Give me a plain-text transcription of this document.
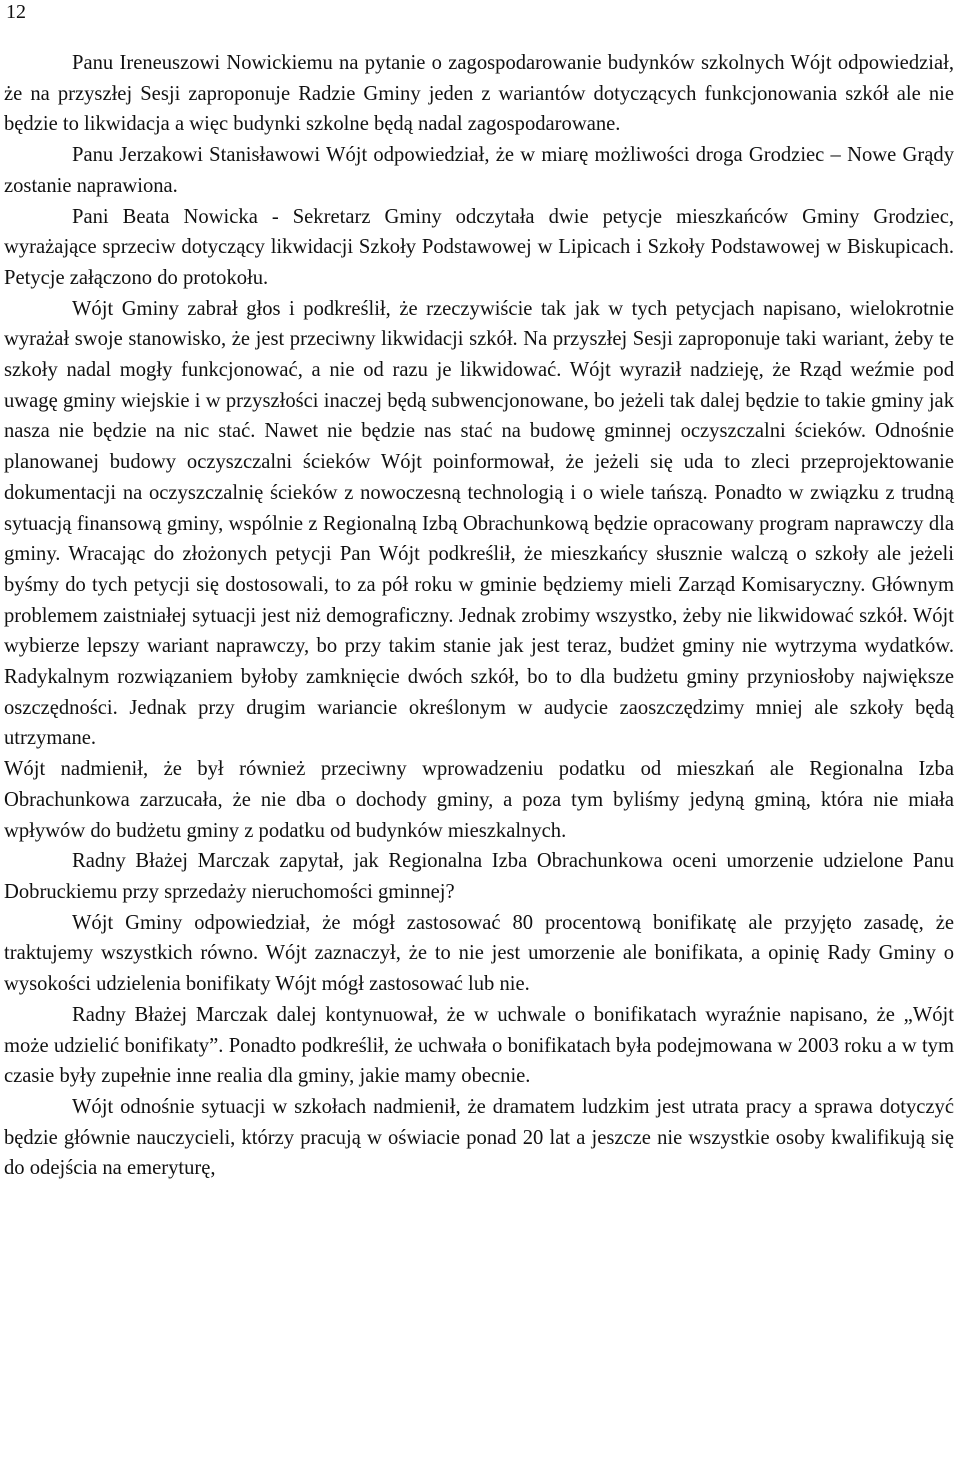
12

Panu Ireneuszowi Nowickiemu na pytanie o zagospodarowanie budynków szkolnych Wójt odpowiedział, że na przyszłej Sesji zaproponuje Radzie Gminy jeden z wariantów dotyczących funkcjonowania szkół ale nie będzie to likwidacja a więc budynki szkolne będą nadal zagospodarowane.

Panu Jerzakowi Stanisławowi Wójt odpowiedział, że w miarę możliwości droga Grodziec – Nowe Grądy zostanie naprawiona.

Pani Beata Nowicka - Sekretarz Gminy odczytała dwie petycje mieszkańców Gminy Grodziec, wyrażające sprzeciw dotyczący likwidacji Szkoły Podstawowej w Lipicach i Szkoły Podstawowej w Biskupicach. Petycje załączono do protokołu.

Wójt Gminy zabrał głos i podkreślił, że rzeczywiście tak jak w tych petycjach napisano, wielokrotnie wyrażał swoje stanowisko, że jest przeciwny likwidacji szkół. Na przyszłej Sesji zaproponuje taki wariant, żeby te szkoły nadal mogły funkcjonować, a nie od razu je likwidować. Wójt wyraził nadzieję, że Rząd weźmie pod uwagę gminy wiejskie i w przyszłości inaczej będą subwencjonowane, bo jeżeli tak dalej będzie to takie gminy jak nasza nie będzie na nic stać. Nawet nie będzie nas stać na budowę gminnej oczyszczalni ścieków. Odnośnie planowanej budowy oczyszczalni ścieków Wójt poinformował, że jeżeli się uda to zleci przeprojektowanie dokumentacji na oczyszczalnię ścieków z nowoczesną technologią i o wiele tańszą. Ponadto w związku z trudną sytuacją finansową gminy, wspólnie z Regionalną Izbą Obrachunkową będzie opracowany program naprawczy dla gminy. Wracając do złożonych petycji Pan Wójt podkreślił, że mieszkańcy słusznie walczą o szkoły ale jeżeli byśmy do tych petycji się dostosowali, to za pół roku w gminie będziemy mieli Zarząd Komisaryczny. Głównym problemem zaistniałej sytuacji jest niż demograficzny. Jednak zrobimy wszystko, żeby nie likwidować szkół. Wójt wybierze lepszy wariant naprawczy, bo przy takim stanie jak jest teraz, budżet gminy nie wytrzyma wydatków. Radykalnym rozwiązaniem byłoby zamknięcie dwóch szkół, bo to dla budżetu gminy przyniosłoby największe oszczędności. Jednak przy drugim wariancie określonym w audycie zaoszczędzimy mniej ale szkoły będą utrzymane.

Wójt nadmienił, że był również przeciwny wprowadzeniu podatku od mieszkań ale Regionalna Izba Obrachunkowa zarzucała, że nie dba o dochody gminy, a poza tym byliśmy jedyną gminą, która nie miała wpływów do budżetu gminy z podatku od budynków mieszkalnych.

Radny Błażej Marczak zapytał, jak Regionalna Izba Obrachunkowa oceni umorzenie udzielone Panu Dobruckiemu przy sprzedaży nieruchomości gminnej?

Wójt Gminy odpowiedział, że mógł zastosować 80 procentową bonifikatę ale przyjęto zasadę, że traktujemy wszystkich równo. Wójt zaznaczył, że to nie jest umorzenie ale bonifikata, a opinię Rady Gminy o wysokości udzielenia bonifikaty Wójt mógł zastosować lub nie.

Radny Błażej Marczak dalej kontynuował, że w uchwale o bonifikatach wyraźnie napisano, że „Wójt może udzielić bonifikaty”. Ponadto podkreślił, że uchwała o bonifikatach była podejmowana w 2003 roku a w tym czasie były zupełnie inne realia dla gminy, jakie mamy obecnie.

Wójt odnośnie sytuacji w szkołach nadmienił, że dramatem ludzkim jest utrata pracy a sprawa dotyczyć będzie głównie nauczycieli, którzy pracują w oświacie ponad 20 lat a jeszcze nie wszystkie osoby kwalifikują się do odejścia na emeryturę,
